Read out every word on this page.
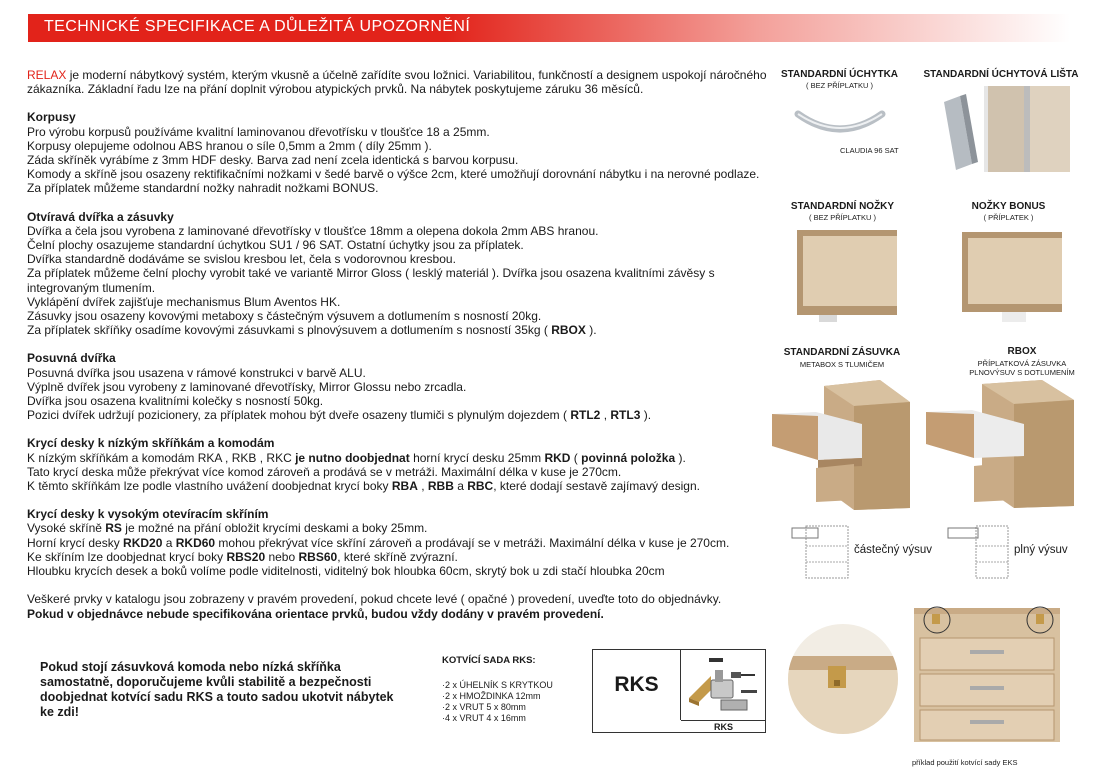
TECHNICKÉ SPECIFIKACE A DŮLEŽITÁ UPOZORNĚNÍ

RELAX je moderní nábytkový systém, kterým vkusně a účelně zařídíte svou ložnici. Variabilitou, funkčností a designem uspokojí náročného zákazníka. Základní řadu lze na přání doplnit výrobou atypických prvků. Na nábytek poskytujeme záruku 36 měsíců.

Korpusy

Pro výrobu korpusů používáme kvalitní laminovanou dřevotřísku v tloušťce 18 a 25mm.

Korpusy olepujeme odolnou ABS hranou o síle 0,5mm a 2mm ( díly 25mm ).

Záda skříněk vyrábíme z 3mm HDF desky. Barva zad není zcela identická s barvou korpusu.

Komody a skříně jsou osazeny rektifikačními nožkami v šedé barvě o výšce 2cm, které umožňují dorovnání nábytku i na nerovné podlaze. Za příplatek můžeme standardní nožky nahradit nožkami BONUS.

Otvíravá dvířka a zásuvky

Dvířka a čela jsou vyrobena z laminované dřevotřísky v tloušťce 18mm a olepena dokola 2mm ABS hranou.

Čelní plochy osazujeme standardní úchytkou SU1 / 96 SAT. Ostatní úchytky jsou za příplatek.

Dvířka standardně dodáváme se svislou kresbou let, čela s vodorovnou kresbou.

Za příplatek můžeme čelní plochy vyrobit také ve variantě Mirror Gloss ( lesklý materiál ). Dvířka jsou osazena kvalitními závěsy s integrovaným tlumením.

Vyklápění dvířek zajišťuje mechanismus Blum Aventos HK.

Zásuvky jsou osazeny kovovými metaboxy s částečným výsuvem a dotlumením s nosností 20kg.

Za příplatek skříňky osadíme kovovými zásuvkami s plnovýsuvem a dotlumením s nosností 35kg ( RBOX ).

Posuvná dvířka

Posuvná dvířka jsou usazena v rámové konstrukci v barvě ALU.

Výplně dvířek jsou vyrobeny z laminované dřevotřísky, Mirror Glossu nebo zrcadla.

Dvířka jsou osazena kvalitními kolečky s nosností 50kg.

Pozici dvířek udržují pozicionery, za příplatek mohou být dveře osazeny tlumiči s plynulým dojezdem ( RTL2 , RTL3 ).

Krycí desky k nízkým skříňkám a komodám

K nízkým skříňkám a komodám RKA , RKB , RKC je nutno doobjednat horní krycí desku 25mm RKD ( povinná položka ).

Tato krycí deska může překrývat více komod zároveň a prodává se v metráži. Maximální délka v kuse je 270cm.

K těmto skříňkám lze podle vlastního uvážení doobjednat krycí boky RBA , RBB a RBC, které dodají sestavě zajímavý design.

Krycí desky k vysokým otevíracím skříním

Vysoké skříně RS je možné na přání obložit krycími deskami a boky 25mm.

Horní krycí desky RKD20 a RKD60 mohou překrývat více skříní zároveň a prodávají se v metráži. Maximální délka v kuse je 270cm.

Ke skříním lze doobjednat krycí boky RBS20 nebo RBS60, které skříně zvýrazní.

Hloubku krycích desek a boků volíme podle viditelnosti, viditelný bok hloubka 60cm, skrytý bok u zdi stačí hloubka 20cm

Veškeré prvky v katalogu jsou zobrazeny v pravém provedení, pokud chcete levé ( opačné ) provedení, uveďte toto do objednávky.

Pokud v objednávce nebude specifikována orientace prvků, budou vždy dodány v pravém provedení.

Pokud stojí zásuvková komoda nebo nízká skříňka samostatně, doporučujeme kvůli stabilitě a bezpečnosti doobjednat kotvící sadu RKS a touto sadou ukotvit nábytek ke zdi!

KOTVÍCÍ SADA RKS:

·2 x ÚHELNÍK S KRYTKOU

·2 x HMOŽDINKA 12mm

·2 x VRUT 5 x 80mm

·4 x VRUT 4 x 16mm

RKS
RKS
STANDARDNÍ ÚCHYTKA
( BEZ PŘÍPLATKU )
CLAUDIA 96 SAT
STANDARDNÍ ÚCHYTOVÁ LIŠTA
STANDARDNÍ NOŽKY
( BEZ PŘÍPLATKU )
NOŽKY BONUS
( PŘÍPLATEK )
STANDARDNÍ ZÁSUVKA
METABOX S TLUMIČEM
RBOX
PŘÍPLATKOVÁ ZÁSUVKA
PLNOVÝSUV S DOTLUMENÍM
částečný výsuv	plný výsuv
příklad použití kotvící sady EKS
